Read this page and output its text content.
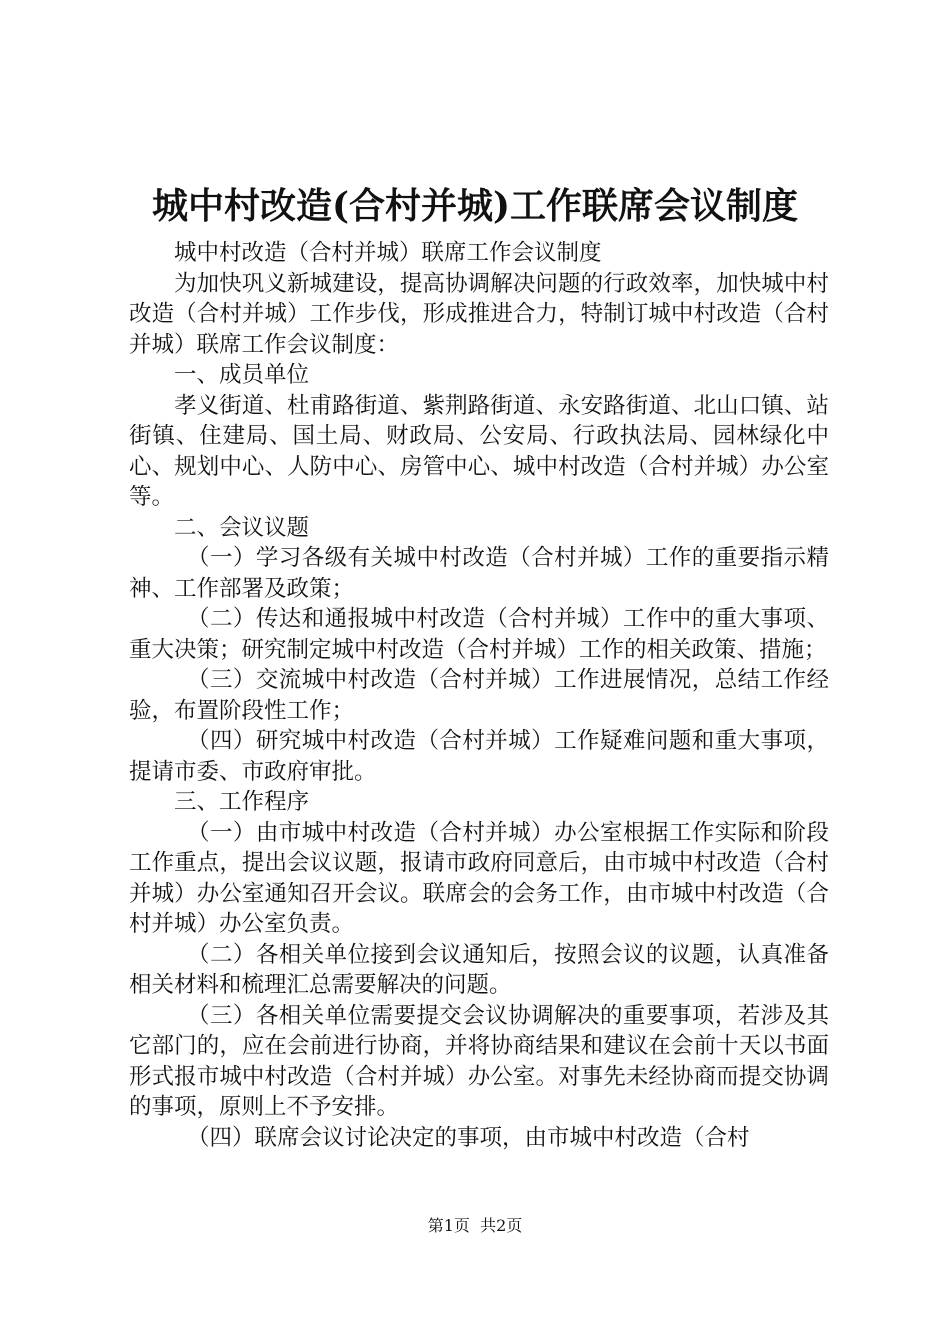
城中村改造(合村并城)工作联席会议制度

城中村改造（合村并城）联席工作会议制度

为加快巩义新城建设，提高协调解决问题的行政效率，加快城中村改造（合村并城）工作步伐，形成推进合力，特制订城中村改造（合村并城）联席工作会议制度：

一、成员单位

孝义街道、杜甫路街道、紫荆路街道、永安路街道、北山口镇、站街镇、住建局、国土局、财政局、公安局、行政执法局、园林绿化中心、规划中心、人防中心、房管中心、城中村改造（合村并城）办公室等。

二、会议议题

（一）学习各级有关城中村改造（合村并城）工作的重要指示精神、工作部署及政策；

（二）传达和通报城中村改造（合村并城）工作中的重大事项、重大决策；研究制定城中村改造（合村并城）工作的相关政策、措施；

（三）交流城中村改造（合村并城）工作进展情况，总结工作经验，布置阶段性工作；

（四）研究城中村改造（合村并城）工作疑难问题和重大事项，提请市委、市政府审批。

三、工作程序

（一）由市城中村改造（合村并城）办公室根据工作实际和阶段工作重点，提出会议议题，报请市政府同意后，由市城中村改造（合村并城）办公室通知召开会议。联席会的会务工作，由市城中村改造（合村并城）办公室负责。

（二）各相关单位接到会议通知后，按照会议的议题，认真准备相关材料和梳理汇总需要解决的问题。

（三）各相关单位需要提交会议协调解决的重要事项，若涉及其它部门的，应在会前进行协商，并将协商结果和建议在会前十天以书面形式报市城中村改造（合村并城）办公室。对事先未经协商而提交协调的事项，原则上不予安排。

（四）联席会议讨论决定的事项，由市城中村改造（合村

第1页  共2页
